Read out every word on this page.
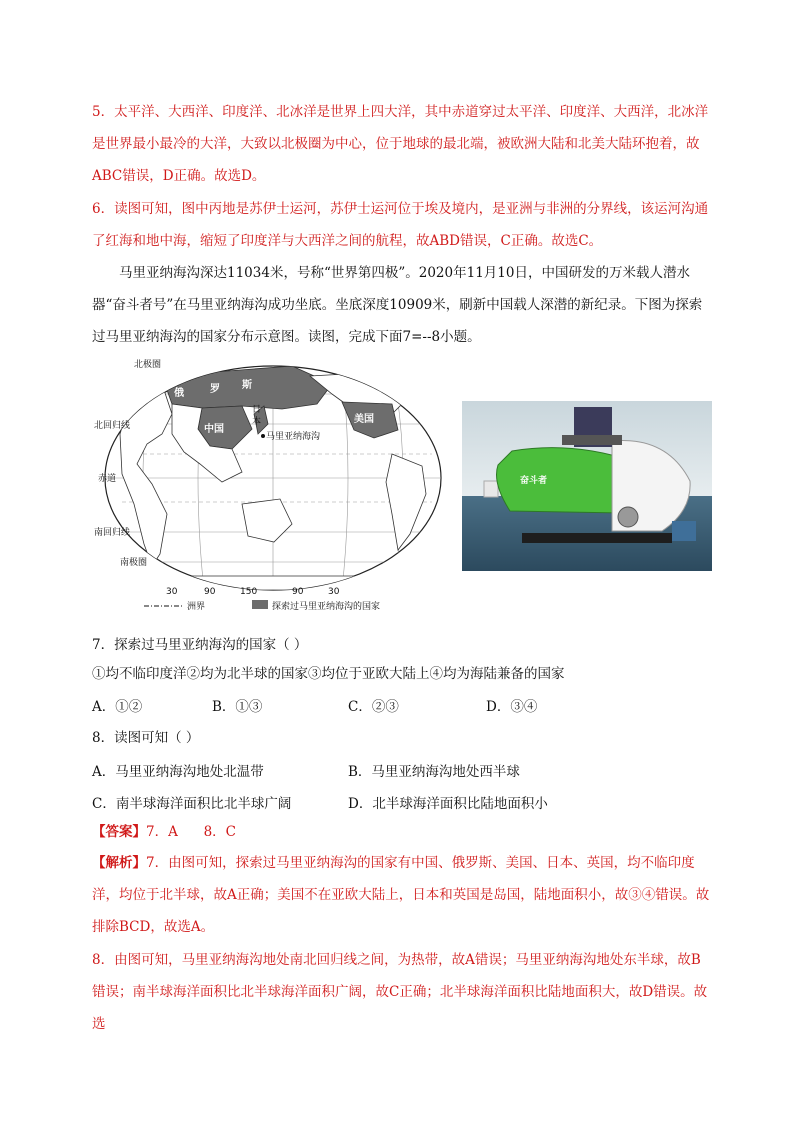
5．太平洋、大西洋、印度洋、北冰洋是世界上四大洋，其中赤道穿过太平洋、印度洋、大西洋，北冰洋是世界最小最冷的大洋，大致以北极圈为中心，位于地球的最北端，被欧洲大陆和北美大陆环抱着，故ABC错误，D正确。故选D。
6．读图可知，图中丙地是苏伊士运河，苏伊士运河位于埃及境内，是亚洲与非洲的分界线，该运河沟通了红海和地中海，缩短了印度洋与大西洋之间的航程，故ABD错误，C正确。故选C。
马里亚纳海沟深达11034米，号称“世界第四极”。2020年11月10日，中国研发的万米载人潜水器“奋斗者号”在马里亚纳海沟成功坐底。坐底深度10909米，刷新中国载人深潜的新纪录。下图为探索过马里亚纳海沟的国家分布示意图。读图，完成下面7=--8小题。
北极圈
北回归线
赤道
南回归线
南极圈
英国 俄	罗 斯
日
本	美国
中国
马里亚纳海沟
30	90	150	90	30
洲界	探索过马里亚纳海沟的国家
奋斗者
7．探索过马里亚纳海沟的国家（ ）
①均不临印度洋②均为北半球的国家③均位于亚欧大陆上④均为海陆兼备的国家
A．①②	B．①③	C．②③	D．③④
8．读图可知（ ）
A．马里亚纳海沟地处北温带	B．马里亚纳海沟地处西半球
C．南半球海洋面积比北半球广阔	D．北半球海洋面积比陆地面积小
【答案】7．A      8．C
【解析】7．由图可知，探索过马里亚纳海沟的国家有中国、俄罗斯、美国、日本、英国，均不临印度洋，均位于北半球，故A正确；美国不在亚欧大陆上，日本和英国是岛国，陆地面积小，故③④错误。故排除BCD，故选A。
8．由图可知，马里亚纳海沟地处南北回归线之间，为热带，故A错误；马里亚纳海沟地处东半球，故B错误；南半球海洋面积比北半球海洋面积广阔，故C正确；北半球海洋面积比陆地面积大，故D错误。故选
